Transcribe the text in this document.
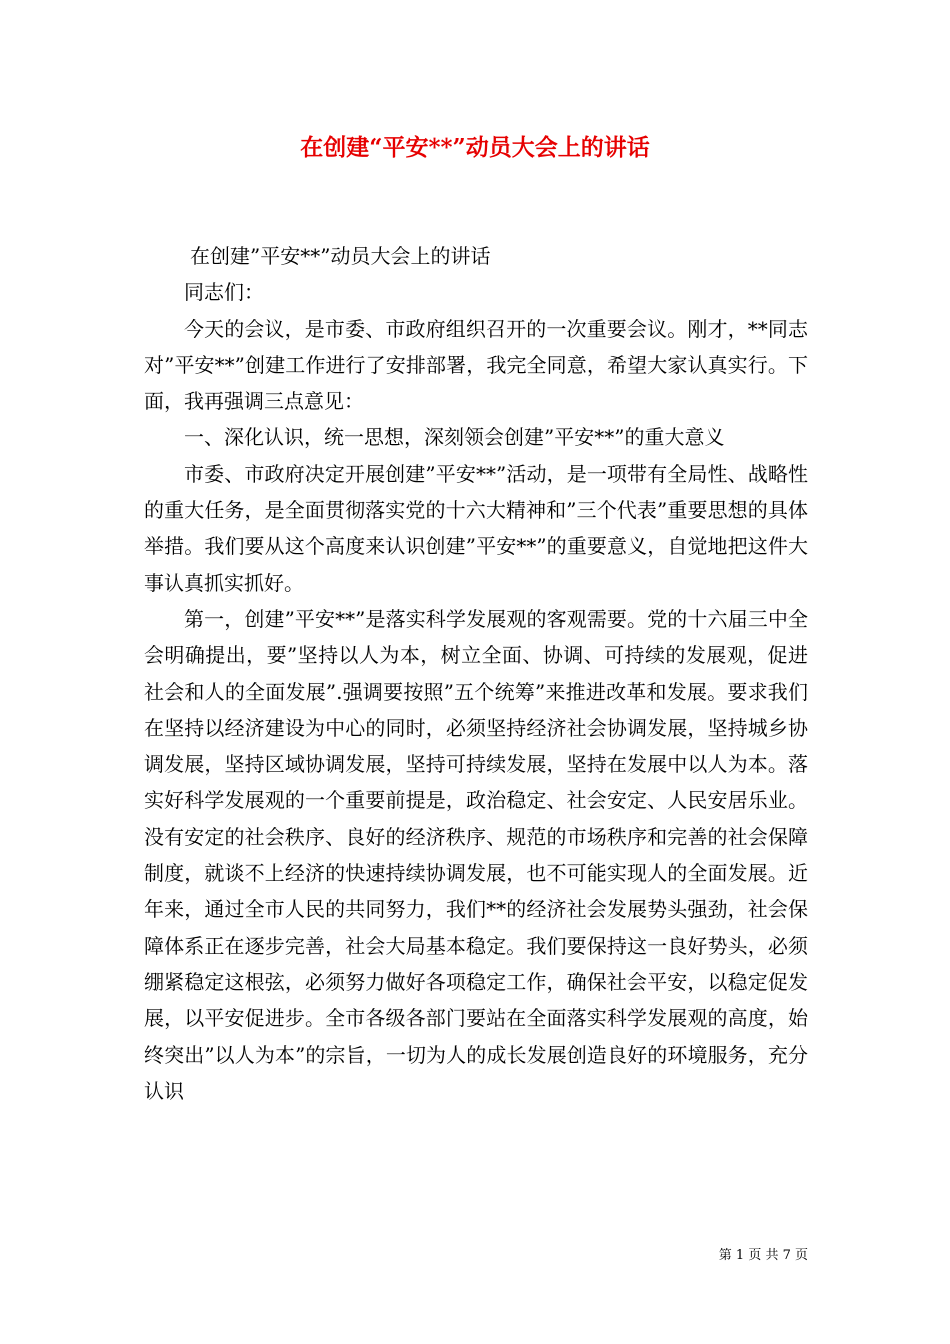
在创建“平安**”动员大会上的讲话

在创建”平安**”动员大会上的讲话

同志们：

今天的会议，是市委、市政府组织召开的一次重要会议。刚才，**同志对”平安**”创建工作进行了安排部署，我完全同意，希望大家认真实行。下面，我再强调三点意见：

一、深化认识，统一思想，深刻领会创建”平安**”的重大意义

市委、市政府决定开展创建”平安**”活动，是一项带有全局性、战略性的重大任务，是全面贯彻落实党的十六大精神和”三个代表”重要思想的具体举措。我们要从这个高度来认识创建”平安**”的重要意义，自觉地把这件大事认真抓实抓好。

第一，创建”平安**”是落实科学发展观的客观需要。党的十六届三中全会明确提出，要”坚持以人为本，树立全面、协调、可持续的发展观，促进社会和人的全面发展”.强调要按照”五个统筹”来推进改革和发展。要求我们在坚持以经济建设为中心的同时，必须坚持经济社会协调发展，坚持城乡协调发展，坚持区域协调发展，坚持可持续发展，坚持在发展中以人为本。落实好科学发展观的一个重要前提是，政治稳定、社会安定、人民安居乐业。没有安定的社会秩序、良好的经济秩序、规范的市场秩序和完善的社会保障制度，就谈不上经济的快速持续协调发展，也不可能实现人的全面发展。近年来，通过全市人民的共同努力，我们**的经济社会发展势头强劲，社会保障体系正在逐步完善，社会大局基本稳定。我们要保持这一良好势头，必须绷紧稳定这根弦，必须努力做好各项稳定工作，确保社会平安，以稳定促发展，以平安促进步。全市各级各部门要站在全面落实科学发展观的高度，始终突出”以人为本”的宗旨，一切为人的成长发展创造良好的环境服务，充分认识

第 1 页 共 7 页
